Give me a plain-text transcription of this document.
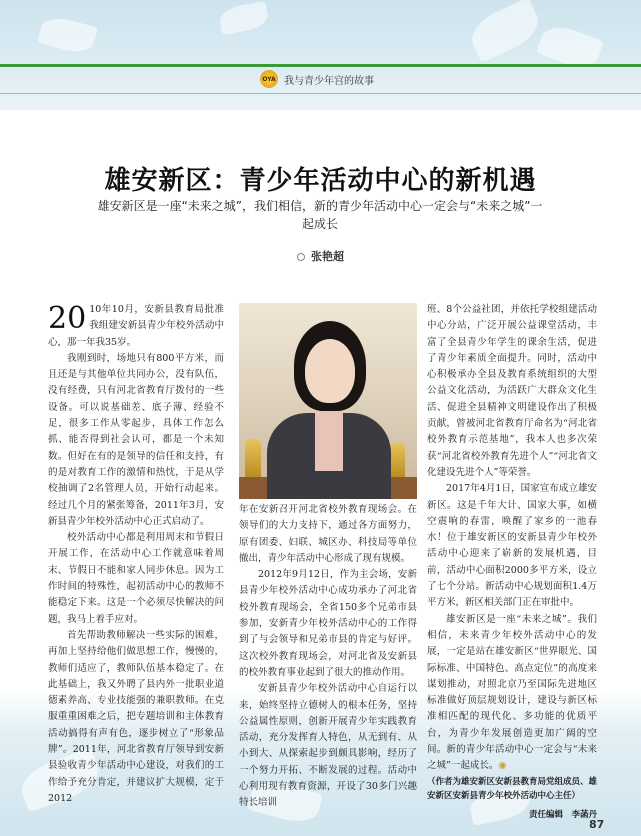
OYA 我与青少年宫的故事
雄安新区：青少年活动中心的新机遇
雄安新区是一座“未来之城”，我们相信，新的青少年活动中心一定会与“未来之城”一起成长
张艳超
20 10年10月，安新县教育局批准我组建安新县青少年校外活动中心，那一年我35岁。

我刚到时，场地只有800平方米，而且还是与其他单位共同办公，没有队伍，没有经费，只有河北省教育厅拨付的一些设备。可以说基础差、底子薄、经验不足，很多工作从零起步，具体工作怎么抓、能否得到社会认可，都是一个未知数。但好在有的是领导的信任和支持，有的是对教育工作的激情和热忱，于是从学校抽调了2名管理人员，开始行动起来。经过几个月的紧张筹备，2011年3月，安新县青少年校外活动中心正式启动了。

校外活动中心都是利用周末和节假日开展工作，在活动中心工作就意味着周末、节假日不能和家人同步休息。因为工作时间的特殊性，起初活动中心的教师不能稳定下来。这是一个必须尽快解决的问题，我马上着手应对。

首先帮助教师解决一些实际的困难，再加上坚持给他们做思想工作，慢慢的，教师们适应了，教师队伍基本稳定了。在此基础上，我又外聘了县内外一批职业道德素养高、专业技能强的兼职教师。在克服重重困难之后，把专题培训和主体教育活动搞得有声有色，逐步树立了“形象品牌”。2011年，河北省教育厅领导到安新县验收青少年活动中心建设，对我们的工作给予充分肯定，并建议扩大规模，定于2012

年在安新召开河北省校外教育现场会。在领导们的大力支持下，通过各方面努力，原有团委、妇联、城区办、科技局等单位撤出，青少年活动中心形成了现有规模。

2012年9月12日，作为主会场，安新县青少年校外活动中心成功承办了河北省校外教育现场会，全省150多个兄弟市县参加，安新青少年校外活动中心的工作得到了与会领导和兄弟市县的肯定与好评。这次校外教育现场会，对河北省及安新县的校外教育事业起到了很大的推动作用。

安新县青少年校外活动中心自运行以来，始终坚持立德树人的根本任务，坚持公益属性原则，创新开展青少年实践教育活动，充分发挥育人特色，从无到有、从小到大、从探索起步到颇具影响，经历了一个努力开拓、不断发展的过程。活动中心利用现有教育资源，开设了30多门兴趣特长培训

班、8个公益社团，并依托学校组建活动中心分站，广泛开展公益课堂活动，丰富了全县青少年学生的课余生活，促进了青少年素质全面提升。同时，活动中心积极承办全县及教育系统组织的大型公益文化活动，为活跃广大群众文化生活、促进全县精神文明建设作出了积极贡献，曾被河北省教育厅命名为“河北省校外教育示范基地”，我本人也多次荣获“河北省校外教育先进个人”“河北省文化建设先进个人”等荣誉。

2017年4月1日，国家宣布成立雄安新区。这是千年大计、国家大事，如横空震响的春雷，唤醒了家乡的一池春水！位于雄安新区的安新县青少年校外活动中心迎来了崭新的发展机遇，目前，活动中心面积2000多平方米，设立了七个分站。新活动中心规划面积1.4万平方米，新区相关部门正在审批中。

雄安新区是一座“未来之城”。我们相信，未来青少年校外活动中心的发展，一定是站在雄安新区“世界眼光、国际标准、中国特色、高点定位”的高度来谋划推动，对照北京乃至国际先进地区标准做好顶层规划设计，建设与新区标准相匹配的现代化、多功能的优质平台，为青少年发展创造更加广阔的空间。新的青少年活动中心一定会与“未来之城”一起成长。◉

（作者为雄安新区安新县教育局党组成员、雄安新区安新县青少年校外活动中心主任）
责任编辑　李菡丹
87
